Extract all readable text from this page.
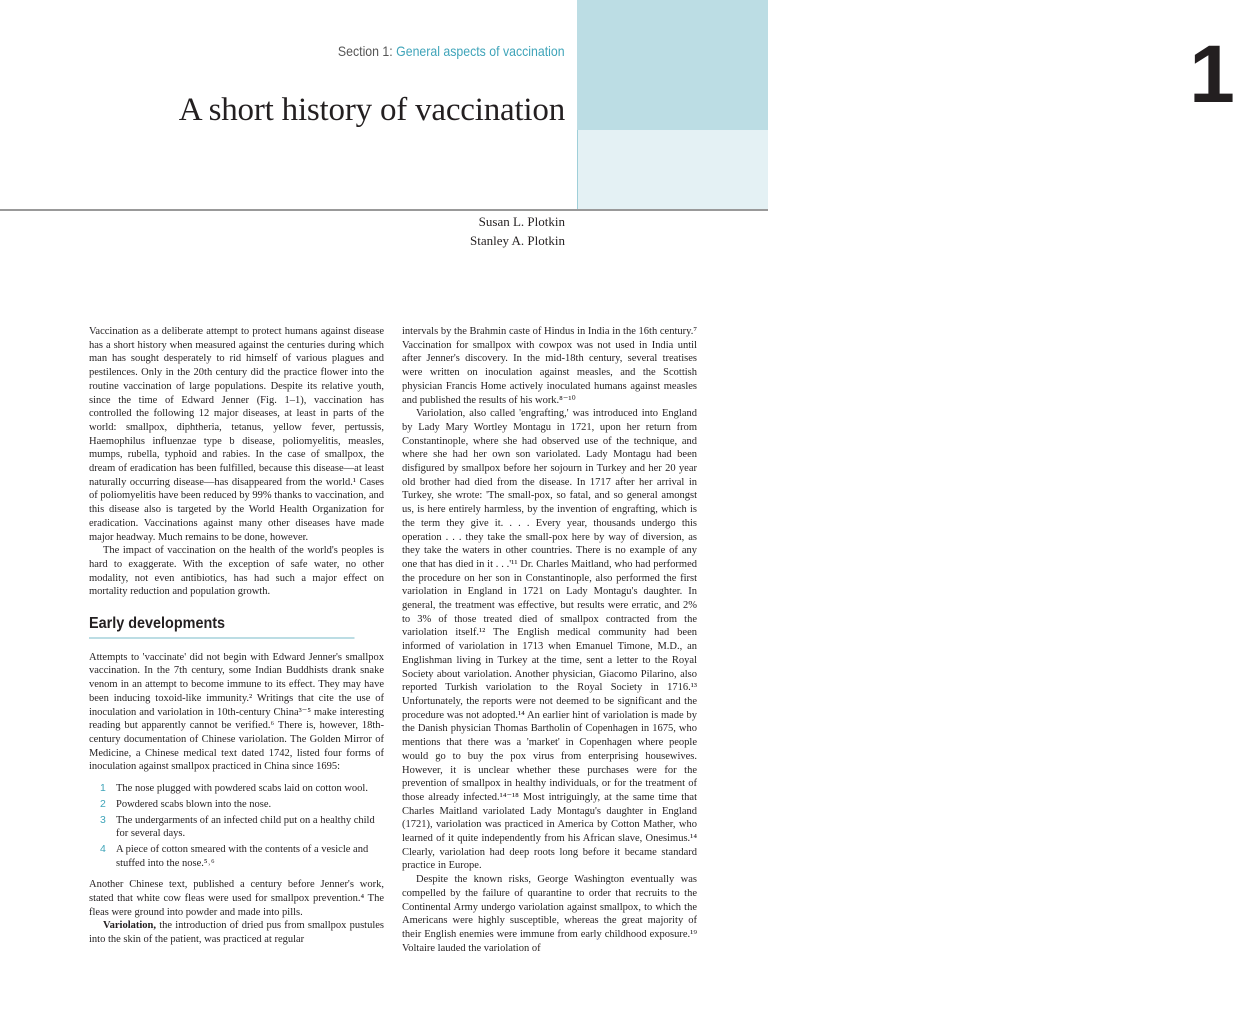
1
Section 1: General aspects of vaccination
A short history of vaccination
Susan L. Plotkin
Stanley A. Plotkin

Vaccination as a deliberate attempt to protect humans against disease has a short history when measured against the centuries during which man has sought desperately to rid himself of various plagues and pestilences. Only in the 20th century did the practice flower into the routine vaccination of large populations. Despite its relative youth, since the time of Edward Jenner (Fig. 1–1), vaccination has controlled the following 12 major diseases, at least in parts of the world: smallpox, diphtheria, tetanus, yellow fever, pertussis, Haemophilus influenzae type b disease, poliomyelitis, measles, mumps, rubella, typhoid and rabies. In the case of smallpox, the dream of eradication has been fulfilled, because this disease—at least naturally occurring disease—has disappeared from the world.¹ Cases of poliomyelitis have been reduced by 99% thanks to vaccination, and this disease also is targeted by the World Health Organization for eradication. Vaccinations against many other diseases have made major headway. Much remains to be done, however.

The impact of vaccination on the health of the world's peoples is hard to exaggerate. With the exception of safe water, no other modality, not even antibiotics, has had such a major effect on mortality reduction and population growth.

Early developments

Attempts to 'vaccinate' did not begin with Edward Jenner's smallpox vaccination. In the 7th century, some Indian Buddhists drank snake venom in an attempt to become immune to its effect. They may have been inducing toxoid-like immunity.² Writings that cite the use of inoculation and variolation in 10th-century China³⁻⁵ make interesting reading but apparently cannot be verified.⁶ There is, however, 18th-century documentation of Chinese variolation. The Golden Mirror of Medicine, a Chinese medical text dated 1742, listed four forms of inoculation against smallpox practiced in China since 1695:

1 The nose plugged with powdered scabs laid on cotton wool.
2 Powdered scabs blown into the nose.
3 The undergarments of an infected child put on a healthy child for several days.
4 A piece of cotton smeared with the contents of a vesicle and stuffed into the nose.⁵˒⁶

Another Chinese text, published a century before Jenner's work, stated that white cow fleas were used for smallpox prevention.⁴ The fleas were ground into powder and made into pills.

Variolation, the introduction of dried pus from smallpox pustules into the skin of the patient, was practiced at regular

intervals by the Brahmin caste of Hindus in India in the 16th century.⁷ Vaccination for smallpox with cowpox was not used in India until after Jenner's discovery. In the mid-18th century, several treatises were written on inoculation against measles, and the Scottish physician Francis Home actively inoculated humans against measles and published the results of his work.⁸⁻¹⁰

Variolation, also called 'engrafting,' was introduced into England by Lady Mary Wortley Montagu in 1721, upon her return from Constantinople, where she had observed use of the technique, and where she had her own son variolated. Lady Montagu had been disfigured by smallpox before her sojourn in Turkey and her 20 year old brother had died from the disease. In 1717 after her arrival in Turkey, she wrote: 'The small-pox, so fatal, and so general amongst us, is here entirely harmless, by the invention of engrafting, which is the term they give it. . . . Every year, thousands undergo this operation . . . they take the small-pox here by way of diversion, as they take the waters in other countries. There is no example of any one that has died in it . . .'¹¹ Dr. Charles Maitland, who had performed the procedure on her son in Constantinople, also performed the first variolation in England in 1721 on Lady Montagu's daughter. In general, the treatment was effective, but results were erratic, and 2% to 3% of those treated died of smallpox contracted from the variolation itself.¹² The English medical community had been informed of variolation in 1713 when Emanuel Timone, M.D., an Englishman living in Turkey at the time, sent a letter to the Royal Society about variolation. Another physician, Giacomo Pilarino, also reported Turkish variolation to the Royal Society in 1716.¹³ Unfortunately, the reports were not deemed to be significant and the procedure was not adopted.¹⁴ An earlier hint of variolation is made by the Danish physician Thomas Bartholin of Copenhagen in 1675, who mentions that there was a 'market' in Copenhagen where people would go to buy the pox virus from enterprising housewives. However, it is unclear whether these purchases were for the prevention of smallpox in healthy individuals, or for the treatment of those already infected.¹⁴⁻¹⁸ Most intriguingly, at the same time that Charles Maitland variolated Lady Montagu's daughter in England (1721), variolation was practiced in America by Cotton Mather, who learned of it quite independently from his African slave, Onesimus.¹⁴ Clearly, variolation had deep roots long before it became standard practice in Europe.

Despite the known risks, George Washington eventually was compelled by the failure of quarantine to order that recruits to the Continental Army undergo variolation against smallpox, to which the Americans were highly susceptible, whereas the great majority of their English enemies were immune from early childhood exposure.¹⁹ Voltaire lauded the variolation of
